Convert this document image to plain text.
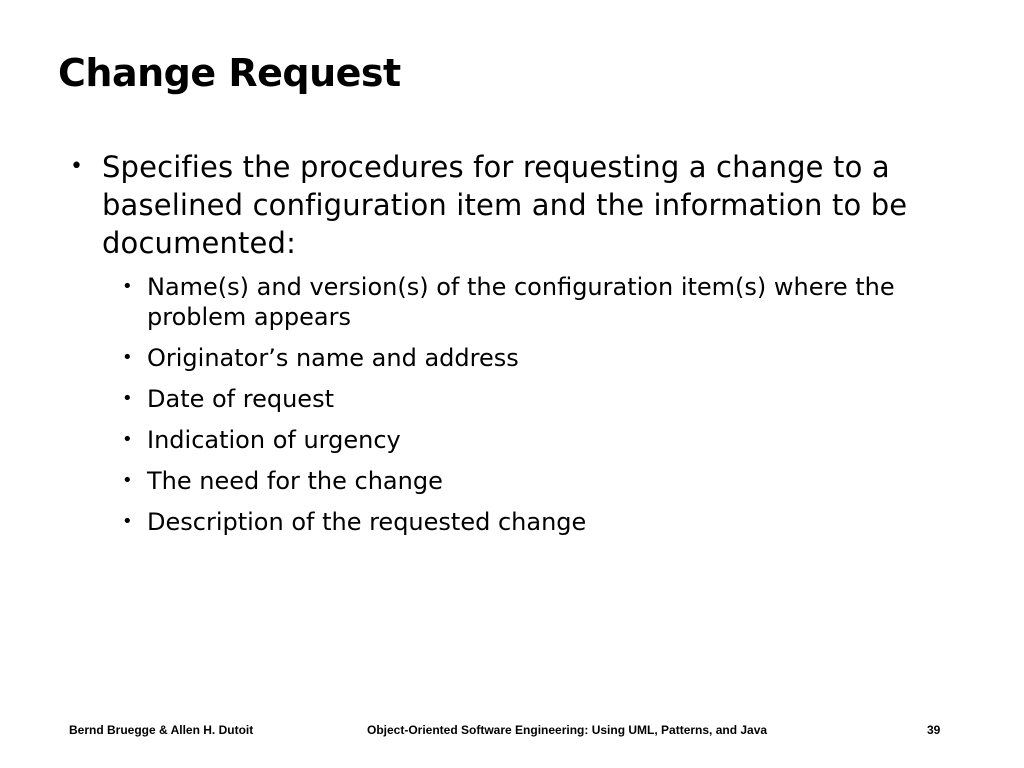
Change Request
• Specifies the procedures for requesting a change to a baselined configuration item and the information to be documented:
• Name(s) and version(s) of the configuration item(s) where the problem appears
• Originator’s name and address
• Date of request
• Indication of urgency
• The need for the change
• Description of the requested change
Bernd Bruegge & Allen H. Dutoit	Object-Oriented Software Engineering: Using UML, Patterns, and Java	39
